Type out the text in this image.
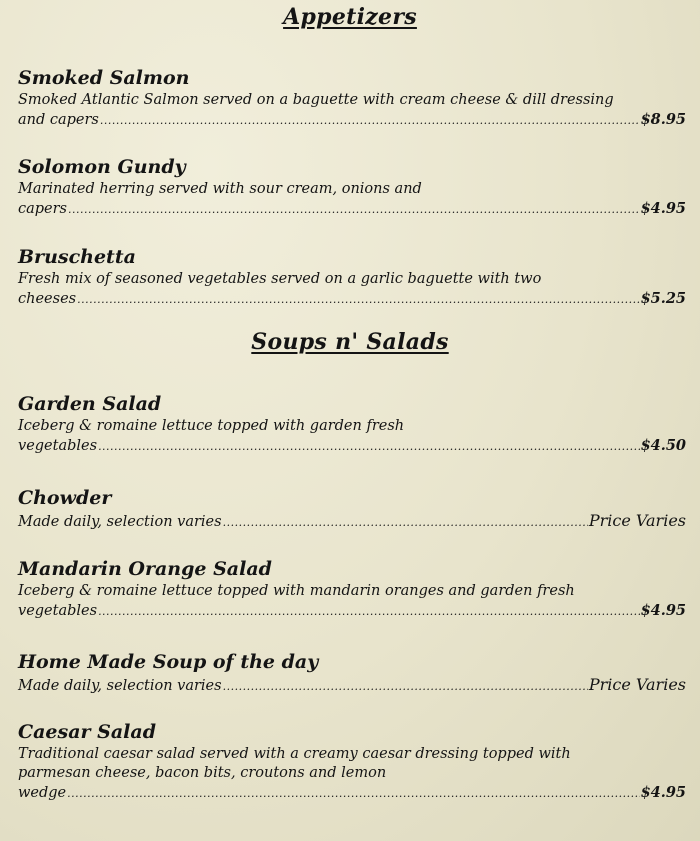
Appetizers
Smoked Salmon
Smoked Atlantic Salmon served on a baguette with cream cheese & dill dressing
and capers .....	$8.95
Solomon Gundy
Marinated herring served with sour cream, onions and
capers .....	$4.95
Bruschetta
Fresh mix of seasoned vegetables served on a garlic baguette with two
cheeses .....	$5.25
Soups n' Salads
Garden Salad
Iceberg & romaine lettuce topped with garden fresh
vegetables .....	$4.50
Chowder
Made daily, selection varies .....	Price Varies
Mandarin Orange Salad
Iceberg & romaine lettuce topped with mandarin oranges and garden fresh
vegetables .....	$4.95
Home Made Soup of the day
Made daily, selection varies .....	Price Varies
Caesar Salad
Traditional caesar salad served with a creamy caesar dressing topped with
parmesan cheese, bacon bits, croutons and lemon
wedge .....	$4.95
